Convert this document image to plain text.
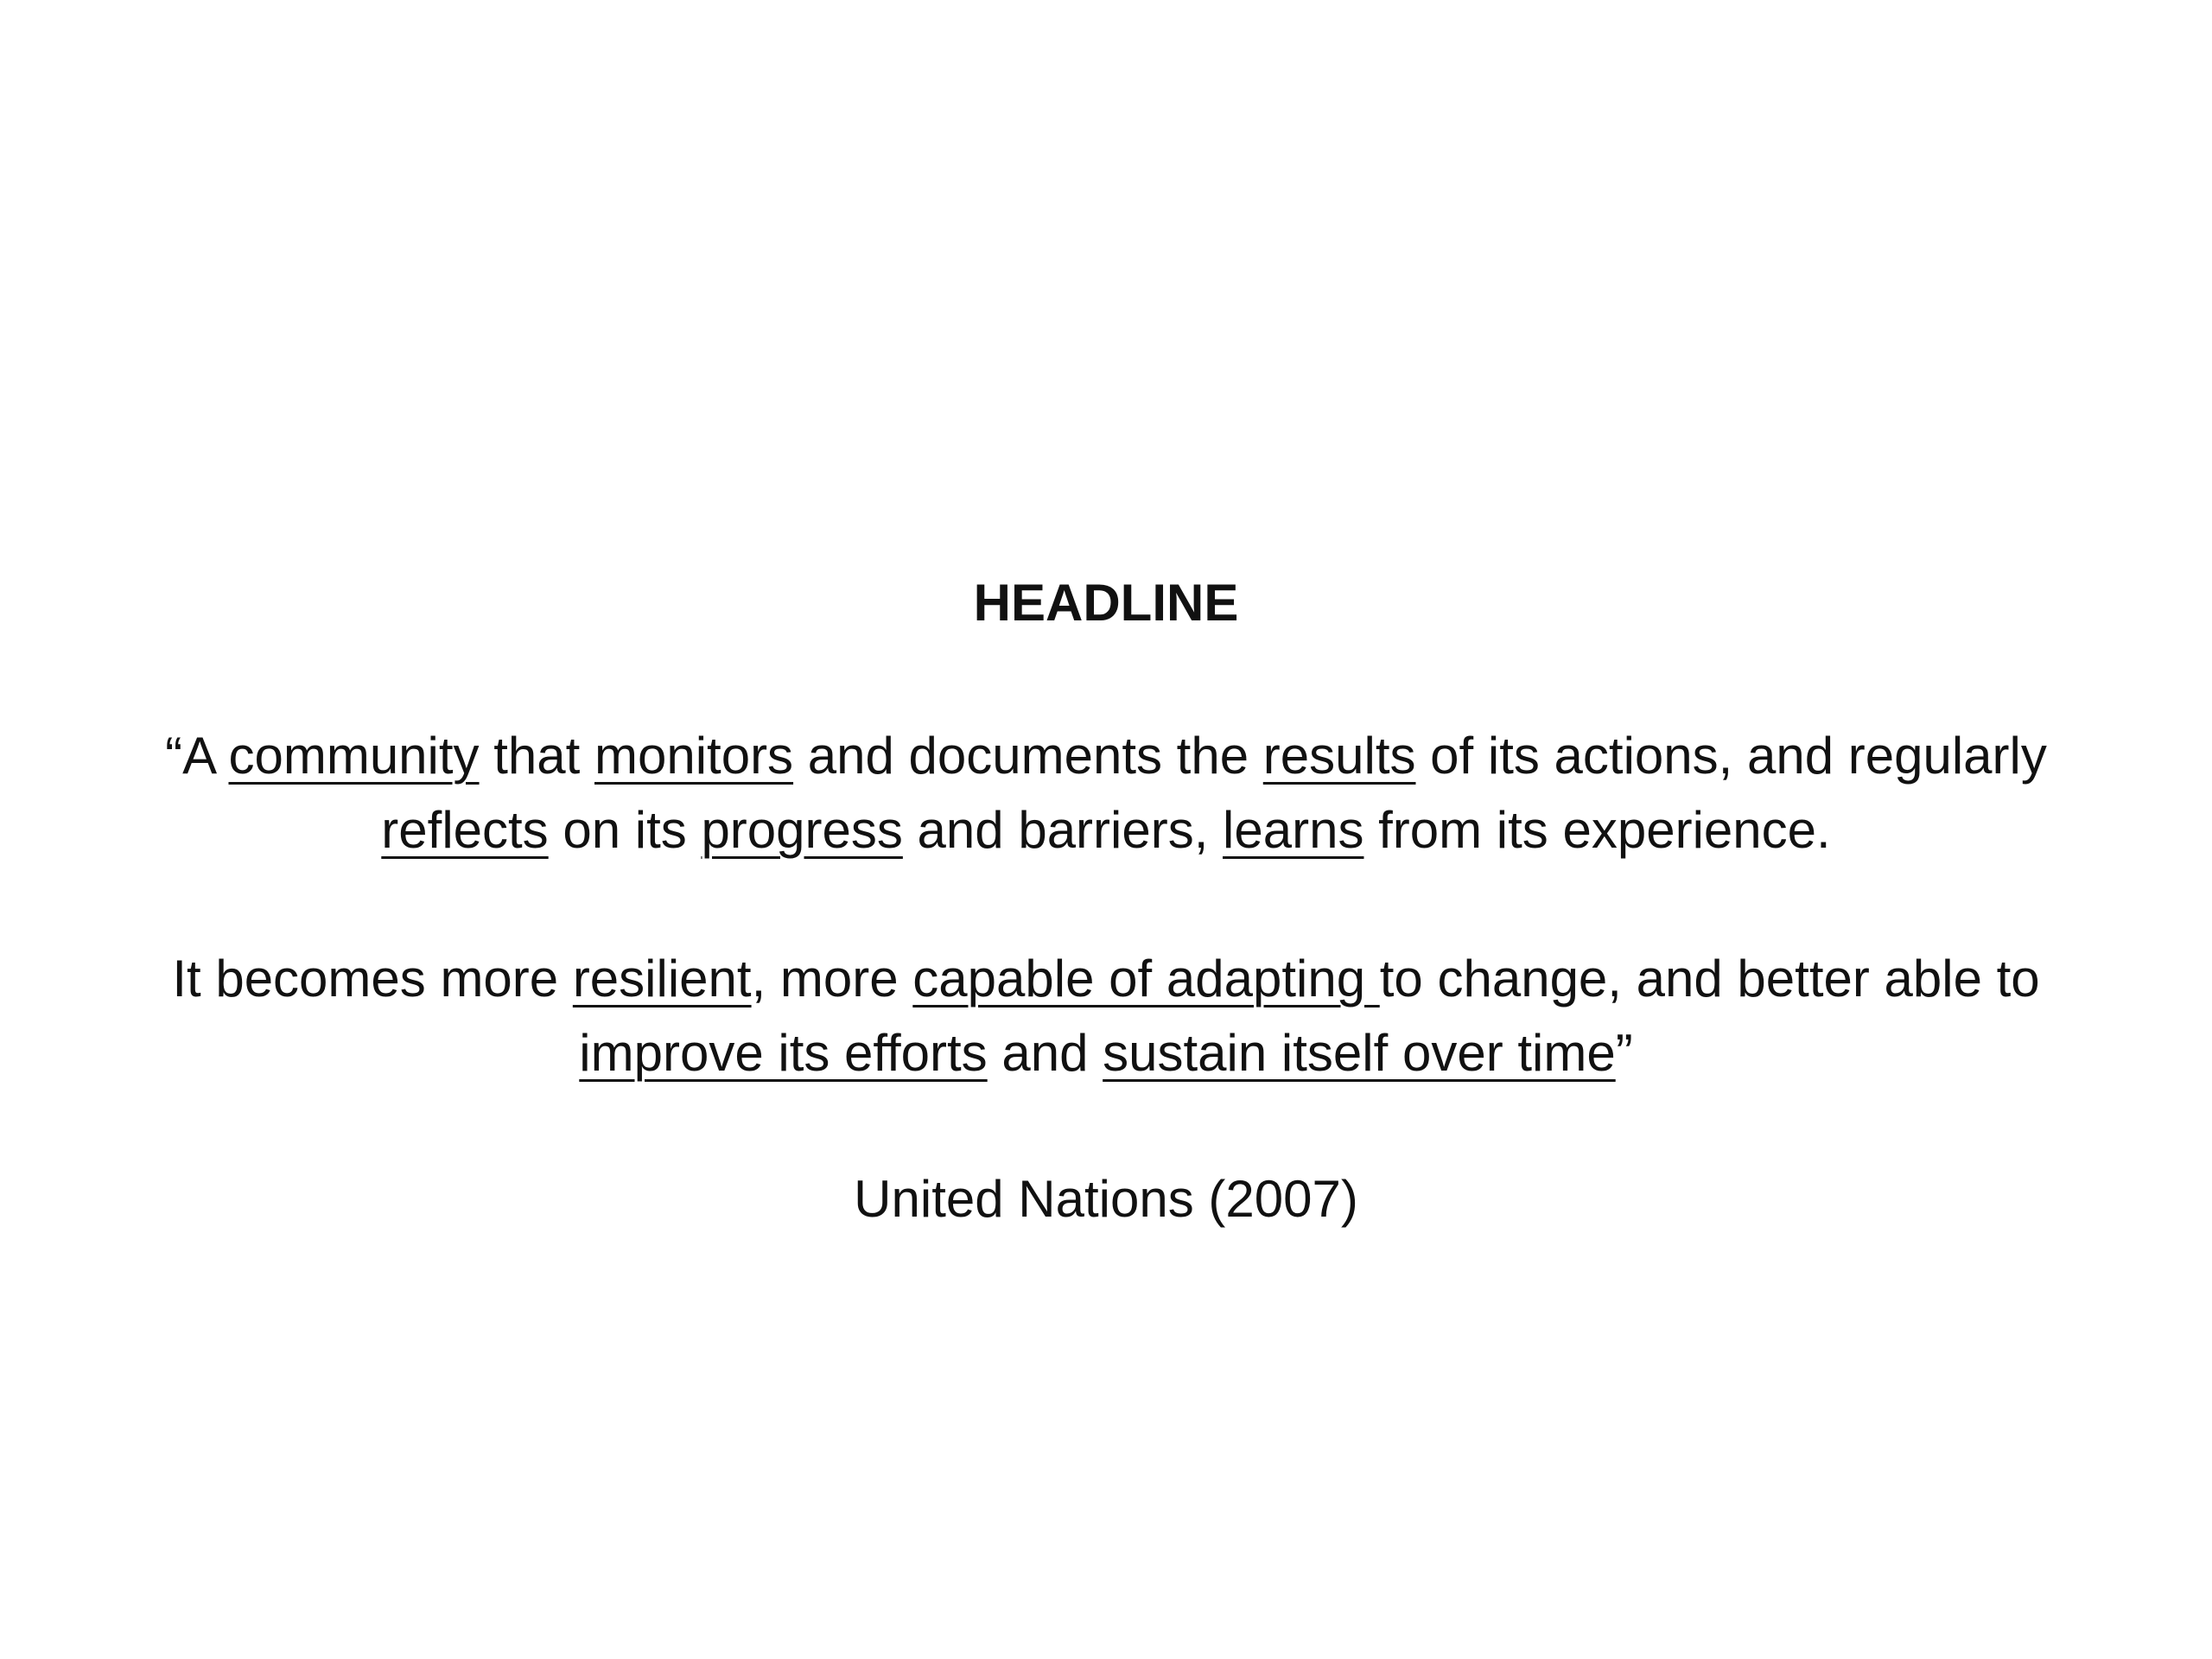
HEADLINE

“A community that monitors and documents the results of its actions, and regularly reflects on its progress and barriers, learns from its experience.

It becomes more resilient, more capable of adapting to change, and better able to improve its efforts and sustain itself over time”

United Nations (2007)
